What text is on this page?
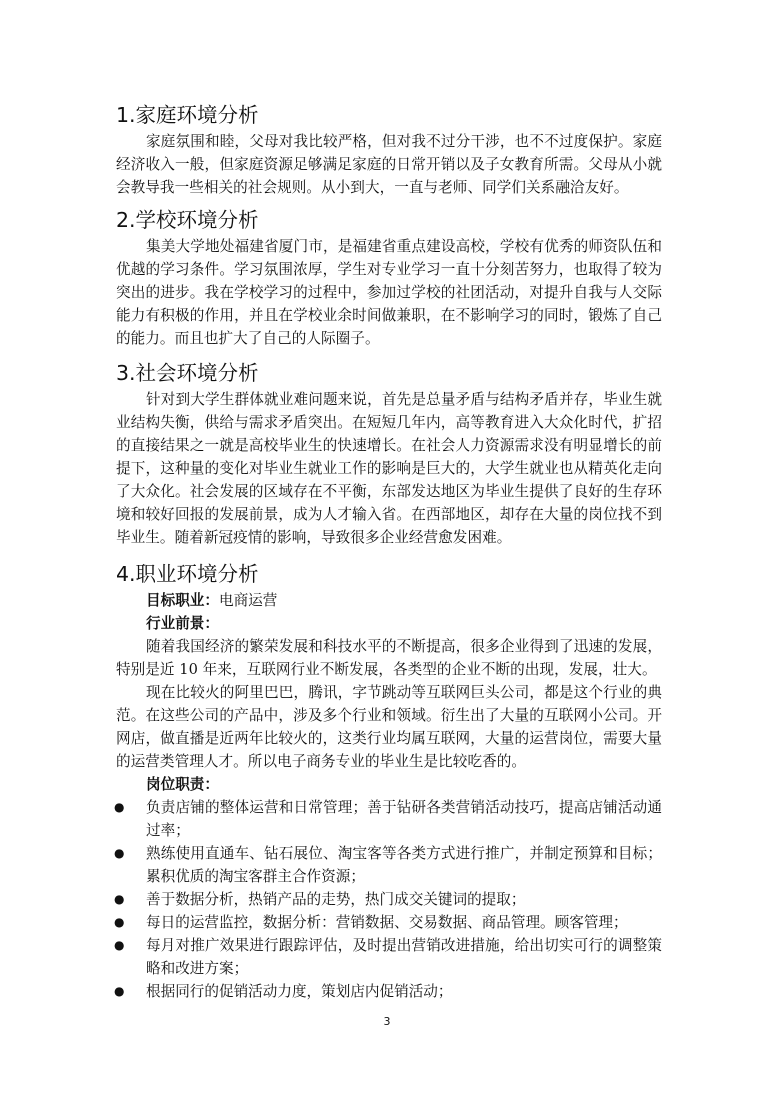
1.家庭环境分析

家庭氛围和睦，父母对我比较严格，但对我不过分干涉，也不不过度保护。家庭经济收入一般，但家庭资源足够满足家庭的日常开销以及子女教育所需。父母从小就会教导我一些相关的社会规则。从小到大，一直与老师、同学们关系融洽友好。

2.学校环境分析

集美大学地处福建省厦门市，是福建省重点建设高校，学校有优秀的师资队伍和优越的学习条件。学习氛围浓厚，学生对专业学习一直十分刻苦努力，也取得了较为突出的进步。我在学校学习的过程中，参加过学校的社团活动，对提升自我与人交际能力有积极的作用，并且在学校业余时间做兼职，在不影响学习的同时，锻炼了自己的能力。而且也扩大了自己的人际圈子。

3.社会环境分析

针对到大学生群体就业难问题来说，首先是总量矛盾与结构矛盾并存，毕业生就业结构失衡，供给与需求矛盾突出。在短短几年内，高等教育进入大众化时代，扩招的直接结果之一就是高校毕业生的快速增长。在社会人力资源需求没有明显增长的前提下，这种量的变化对毕业生就业工作的影响是巨大的，大学生就业也从精英化走向了大众化。社会发展的区域存在不平衡，东部发达地区为毕业生提供了良好的生存环境和较好回报的发展前景，成为人才输入省。在西部地区，却存在大量的岗位找不到毕业生。随着新冠疫情的影响，导致很多企业经营愈发困难。

4.职业环境分析

目标职业：电商运营

行业前景：

随着我国经济的繁荣发展和科技水平的不断提高，很多企业得到了迅速的发展，特别是近 10 年来，互联网行业不断发展，各类型的企业不断的出现，发展，壮大。

现在比较火的阿里巴巴，腾讯，字节跳动等互联网巨头公司，都是这个行业的典范。在这些公司的产品中，涉及多个行业和领域。衍生出了大量的互联网小公司。开网店，做直播是近两年比较火的，这类行业均属互联网，大量的运营岗位，需要大量的运营类管理人才。所以电子商务专业的毕业生是比较吃香的。

岗位职责：

● 负责店铺的整体运营和日常管理；善于钻研各类营销活动技巧，提高店铺活动通过率；
● 熟练使用直通车、钻石展位、淘宝客等各类方式进行推广，并制定预算和目标；累积优质的淘宝客群主合作资源；
● 善于数据分析，热销产品的走势，热门成交关键词的提取；
● 每日的运营监控，数据分析：营销数据、交易数据、商品管理。顾客管理；
● 每月对推广效果进行跟踪评估，及时提出营销改进措施，给出切实可行的调整策略和改进方案；
● 根据同行的促销活动力度，策划店内促销活动；
3
